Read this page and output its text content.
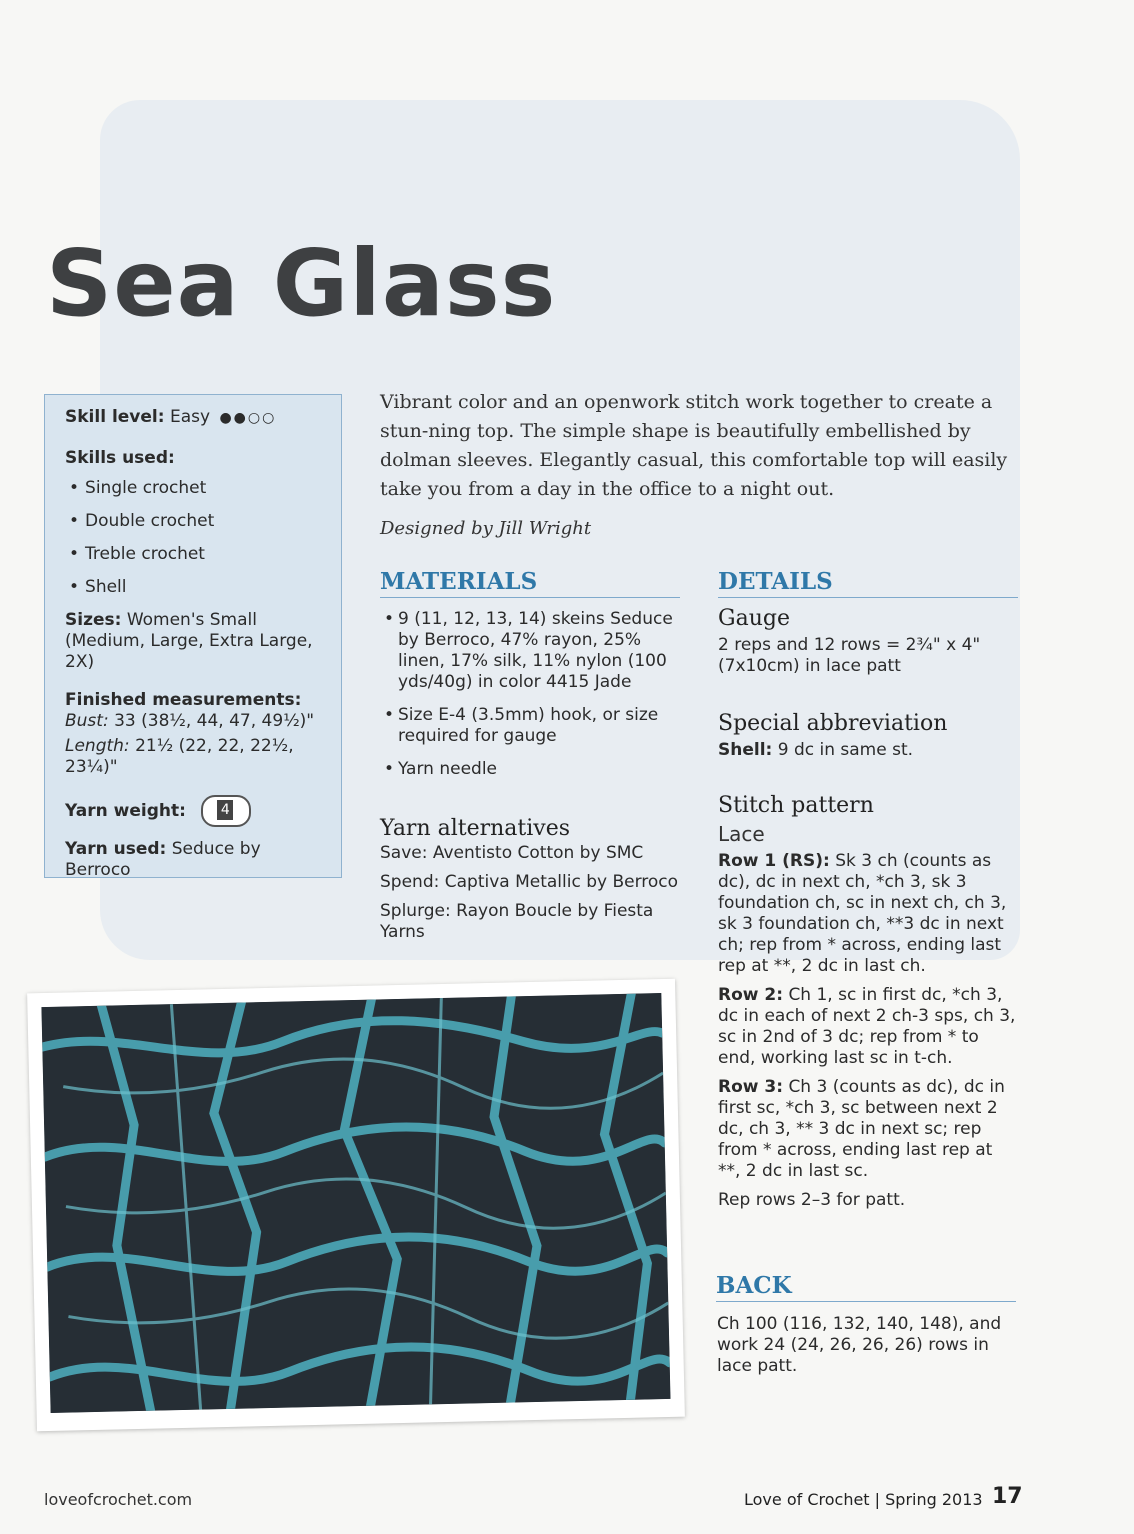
Sea Glass

Skill level: Easy ●●○○

Skills used:

• Single crochet
• Double crochet
• Treble crochet
• Shell

Sizes: Women's Small (Medium, Large, Extra Large, 2X)

Finished measurements:

Bust: 33 (38½, 44, 47, 49½)"

Length: 21½ (22, 22, 22½, 23¼)"

Yarn weight: 4

Yarn used: Seduce by Berroco

Vibrant color and an openwork stitch work together to create a stun-ning top. The simple shape is beautifully embellished by dolman sleeves. Elegantly casual, this comfortable top will easily take you from a day in the office to a night out.

Designed by Jill Wright
MATERIALS
• 9 (11, 12, 13, 14) skeins Seduce by Berroco, 47% rayon, 25% linen, 17% silk, 11% nylon (100 yds/40g) in color 4415 Jade
• Size E-4 (3.5mm) hook, or size required for gauge
• Yarn needle

Yarn alternatives

Save: Aventisto Cotton by SMC

Spend: Captiva Metallic by Berroco

Splurge: Rayon Boucle by Fiesta Yarns

DETAILS

Gauge

2 reps and 12 rows = 2¾" x 4" (7x10cm) in lace patt

Special abbreviation

Shell: 9 dc in same st.

Stitch pattern

Lace

Row 1 (RS): Sk 3 ch (counts as dc), dc in next ch, *ch 3, sk 3 foundation ch, sc in next ch, ch 3, sk 3 foundation ch, **3 dc in next ch; rep from * across, ending last rep at **, 2 dc in last ch.

Row 2: Ch 1, sc in first dc, *ch 3, dc in each of next 2 ch-3 sps, ch 3, sc in 2nd of 3 dc; rep from * to end, working last sc in t-ch.

Row 3: Ch 3 (counts as dc), dc in first sc, *ch 3, sc between next 2 dc, ch 3, ** 3 dc in next sc; rep from * across, ending last rep at **, 2 dc in last sc.

Rep rows 2–3 for patt.

BACK
Ch 100 (116, 132, 140, 148), and work 24 (24, 26, 26, 26) rows in lace patt.
loveofcrochet.com	Love of Crochet | Spring 2013 17
